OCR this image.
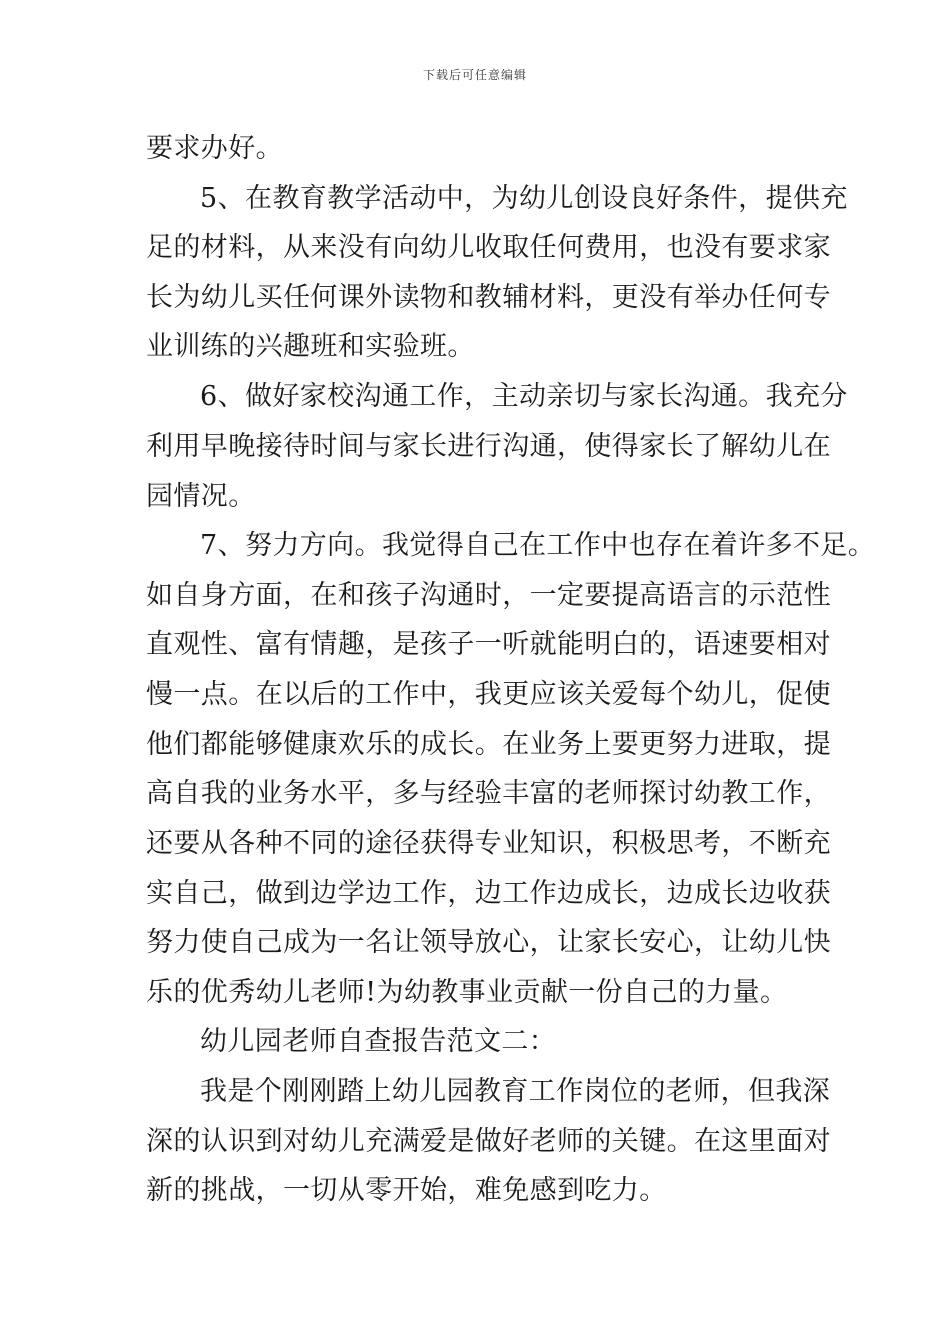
下载后可任意编辑
要求办好。
5、在教育教学活动中，为幼儿创设良好条件，提供充
足的材料，从来没有向幼儿收取任何费用，也没有要求家
长为幼儿买任何课外读物和教辅材料，更没有举办任何专
业训练的兴趣班和实验班。
6、做好家校沟通工作，主动亲切与家长沟通。我充分
利用早晚接待时间与家长进行沟通，使得家长了解幼儿在
园情况。
7、努力方向。我觉得自己在工作中也存在着许多不足。
如自身方面，在和孩子沟通时，一定要提高语言的示范性
直观性、富有情趣，是孩子一听就能明白的，语速要相对
慢一点。在以后的工作中，我更应该关爱每个幼儿，促使
他们都能够健康欢乐的成长。在业务上要更努力进取，提
高自我的业务水平，多与经验丰富的老师探讨幼教工作，
还要从各种不同的途径获得专业知识，积极思考，不断充
实自己，做到边学边工作，边工作边成长，边成长边收获
努力使自己成为一名让领导放心，让家长安心，让幼儿快
乐的优秀幼儿老师!为幼教事业贡献一份自己的力量。
幼儿园老师自查报告范文二：
我是个刚刚踏上幼儿园教育工作岗位的老师，但我深
深的认识到对幼儿充满爱是做好老师的关键。在这里面对
新的挑战，一切从零开始，难免感到吃力。
